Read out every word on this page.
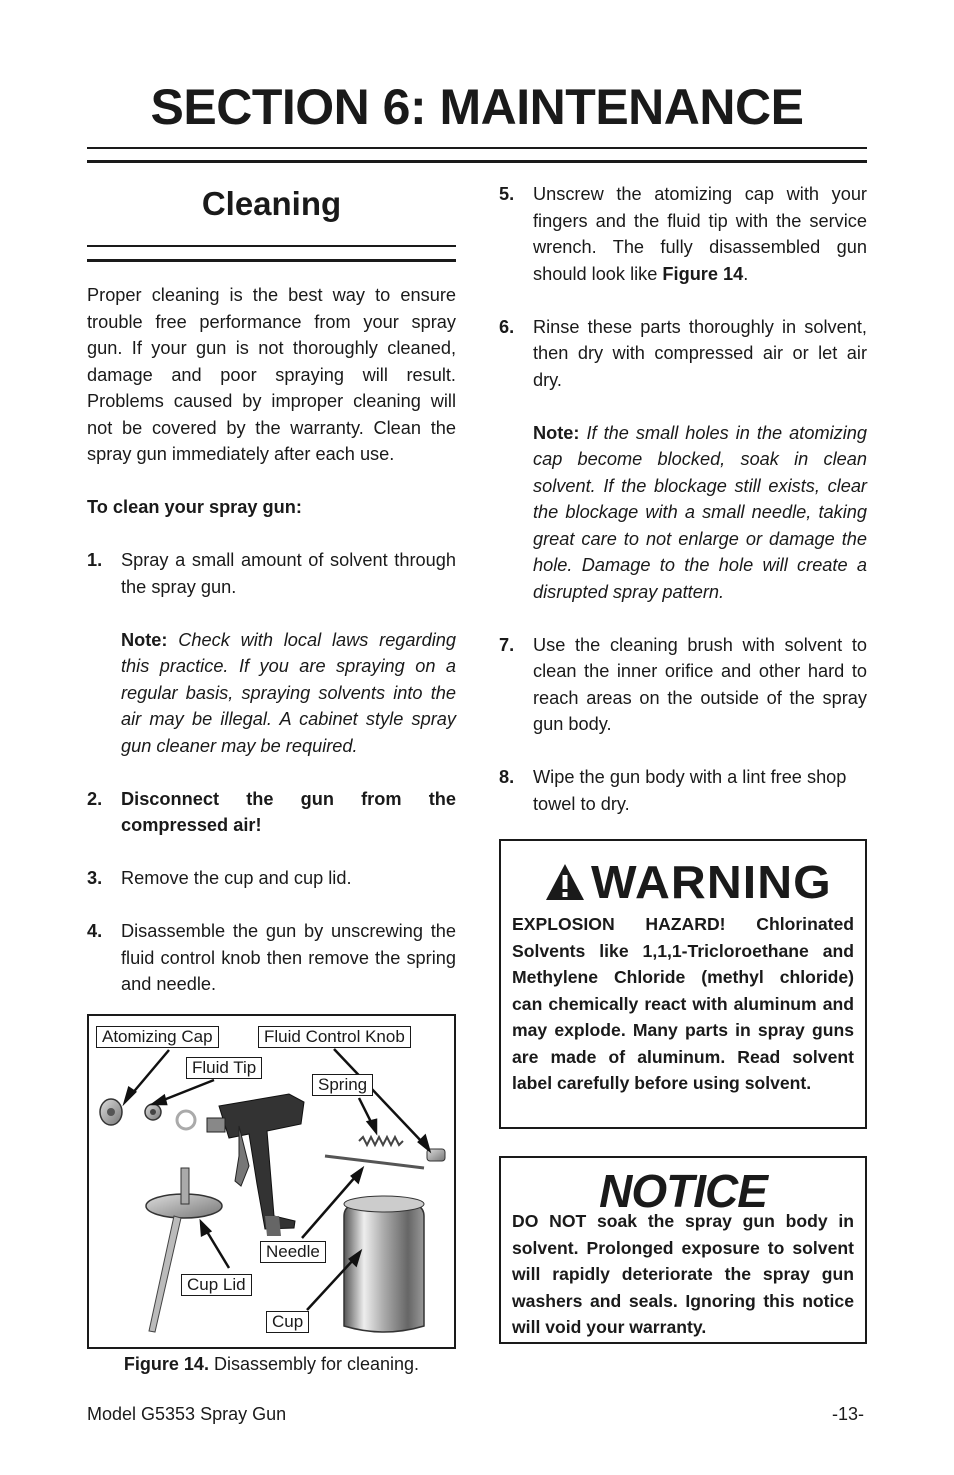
SECTION 6: MAINTENANCE
Cleaning

Proper cleaning is the best way to ensure trouble free performance from your spray gun. If your gun is not thoroughly cleaned, damage and poor spraying will result. Problems caused by improper cleaning will not be covered by the warranty. Clean the spray gun immediately after each use.

To clean your spray gun:

1.	Spray a small amount of solvent through the spray gun.

Note: Check with local laws regarding this practice. If you are spraying on a regular basis, spraying solvents into the air may be illegal. A cabinet style spray gun cleaner may be required.

2.	Disconnect the gun from the compressed air!
3.	Remove the cup and cup lid.
4.	Disassemble the gun by unscrewing the fluid control knob then remove the spring and needle.
Atomizing Cap	Fluid Control Knob
Fluid Tip
Spring
Needle
Cup Lid
Cup
Figure 14. Disassembly for cleaning.
5.	Unscrew the atomizing cap with your fingers and the fluid tip with the service wrench. The fully disassembled gun should look like Figure 14.
6.	Rinse these parts thoroughly in solvent, then dry with compressed air or let air dry.

Note: If the small holes in the atomizing cap become blocked, soak in clean solvent. If the blockage still exists, clear the blockage with a small needle, taking great care to not enlarge or damage the hole. Damage to the hole will create a disrupted spray pattern.

7.	Use the cleaning brush with solvent to clean the inner orifice and other hard to reach areas on the outside of the spray gun body.
8.	Wipe the gun body with a lint free shop towel to dry.
WARNING
EXPLOSION HAZARD! Chlorinated Solvents like 1,1,1-Tricloroethane and Methylene Chloride (methyl chloride) can chemically react with aluminum and may explode. Many parts in spray guns are made of aluminum. Read solvent label carefully before using solvent.
NOTICE
DO NOT soak the spray gun body in solvent. Prolonged exposure to solvent will rapidly deteriorate the spray gun washers and seals. Ignoring this notice will void your warranty.
Model G5353 Spray Gun	-13-
